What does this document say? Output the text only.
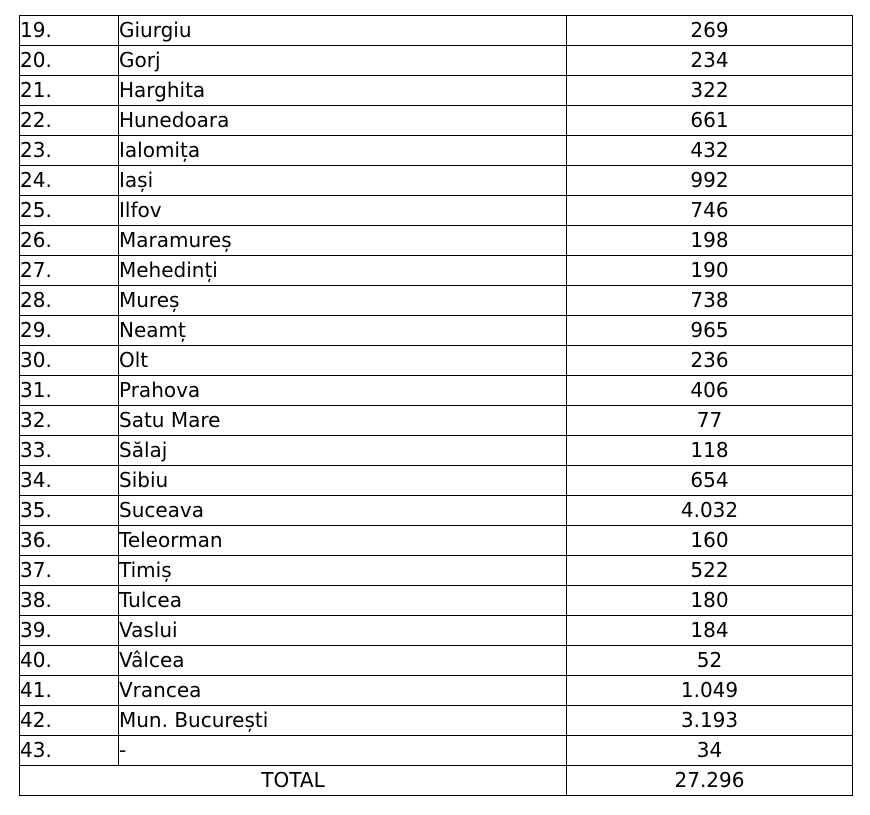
19.	Giurgiu	269
20.	Gorj	234
21.	Harghita	322
22.	Hunedoara	661
23.	Ialomița	432
24.	Iași	992
25.	Ilfov	746
26.	Maramureș	198
27.	Mehedinți	190
28.	Mureș	738
29.	Neamț	965
30.	Olt	236
31.	Prahova	406
32.	Satu Mare	77
33.	Sălaj	118
34.	Sibiu	654
35.	Suceava	4.032
36.	Teleorman	160
37.	Timiș	522
38.	Tulcea	180
39.	Vaslui	184
40.	Vâlcea	52
41.	Vrancea	1.049
42.	Mun. București	3.193
43.	-	34
TOTAL		27.296
